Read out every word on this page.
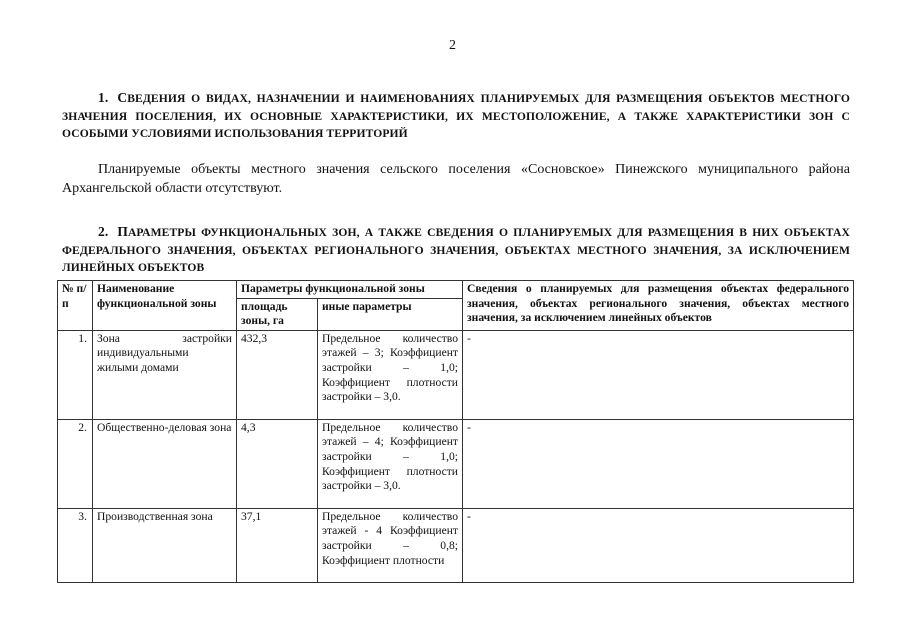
2
1. СВЕДЕНИЯ О ВИДАХ, НАЗНАЧЕНИИ И НАИМЕНОВАНИЯХ ПЛАНИРУЕМЫХ ДЛЯ РАЗМЕЩЕНИЯ ОБЪЕКТОВ МЕСТНОГО ЗНАЧЕНИЯ ПОСЕЛЕНИЯ, ИХ ОСНОВНЫЕ ХАРАКТЕРИСТИКИ, ИХ МЕСТОПОЛОЖЕНИЕ, А ТАКЖЕ ХАРАКТЕРИСТИКИ ЗОН С ОСОБЫМИ УСЛОВИЯМИ ИСПОЛЬЗОВАНИЯ ТЕРРИТОРИЙ
Планируемые объекты местного значения сельского поселения «Сосновское» Пинежского муниципального района Архангельской области отсутствуют.
2. ПАРАМЕТРЫ ФУНКЦИОНАЛЬНЫХ ЗОН, А ТАКЖЕ СВЕДЕНИЯ О ПЛАНИРУЕМЫХ ДЛЯ РАЗМЕЩЕНИЯ В НИХ ОБЪЕКТАХ ФЕДЕРАЛЬНОГО ЗНАЧЕНИЯ, ОБЪЕКТАХ РЕГИОНАЛЬНОГО ЗНАЧЕНИЯ, ОБЪЕКТАХ МЕСТНОГО ЗНАЧЕНИЯ, ЗА ИСКЛЮЧЕНИЕМ ЛИНЕЙНЫХ ОБЪЕКТОВ
№ п/п	Наименование функциональной зоны	Параметры функциональной зоны		Сведения о планируемых для размещения объектах федерального значения, объектах регионального значения, объектах местного значения, за исключением линейных объектов
		площадь зоны, га	иные параметры	
1.	Зона застройки индивидуальными жилыми домами	432,3	Предельное количество этажей – 3; Коэффициент застройки – 1,0; Коэффициент плотности застройки – 3,0.	-
2.	Общественно-деловая зона	4,3	Предельное количество этажей – 4; Коэффициент застройки – 1,0; Коэффициент плотности застройки – 3,0.	-
3.	Производственная зона	37,1	Предельное количество этажей - 4 Коэффициент застройки – 0,8; Коэффициент плотности	-
